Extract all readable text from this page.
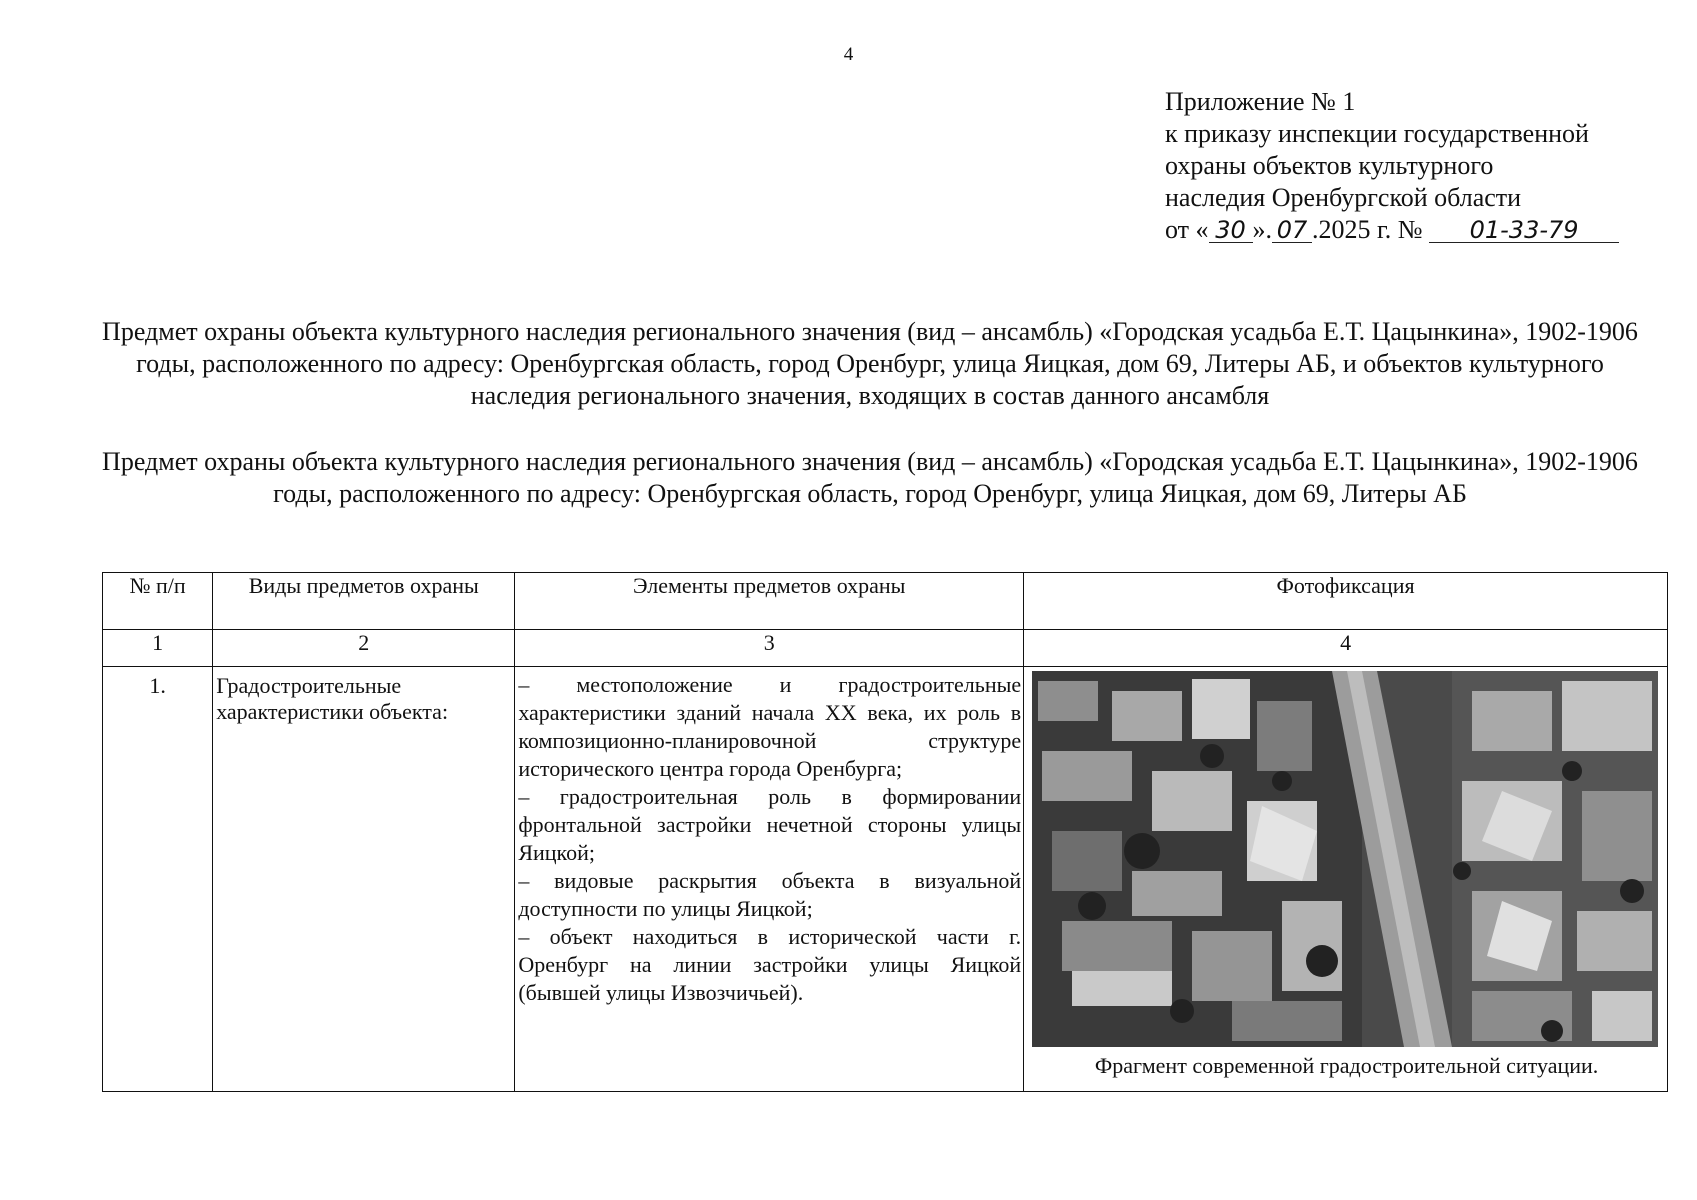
4
Приложение № 1
к приказу инспекции государственной
охраны объектов культурного
наследия Оренбургской области
от « 30 ». 07 .2025 г. № 01-33-79
Предмет охраны объекта культурного наследия регионального значения (вид – ансамбль) «Городская усадьба Е.Т. Цацынкина», 1902-1906 годы, расположенного по адресу: Оренбургская область, город Оренбург, улица Яицкая, дом 69, Литеры АБ, и объектов культурного наследия регионального значения, входящих в состав данного ансамбля
Предмет охраны объекта культурного наследия регионального значения (вид – ансамбль) «Городская усадьба Е.Т. Цацынкина», 1902-1906 годы, расположенного по адресу: Оренбургская область, город Оренбург, улица Яицкая, дом 69, Литеры АБ
№ п/п	Виды предметов охраны	Элементы предметов охраны	Фотофиксация
1	2	3	4
1.	Градостроительные характеристики объекта:	– местоположение и градостроительные характеристики зданий начала XX века, их роль в композиционно-планировочной структуре исторического центра города Оренбурга;

– градостроительная роль в формировании фронтальной застройки нечетной стороны улицы Яицкой;

– видовые раскрытия объекта в визуальной доступности по улицы Яицкой;

– объект находиться в исторической части г. Оренбург на линии застройки улицы Яицкой (бывшей улицы Извозчичьей).	Фрагмент современной градостроительной ситуации.
